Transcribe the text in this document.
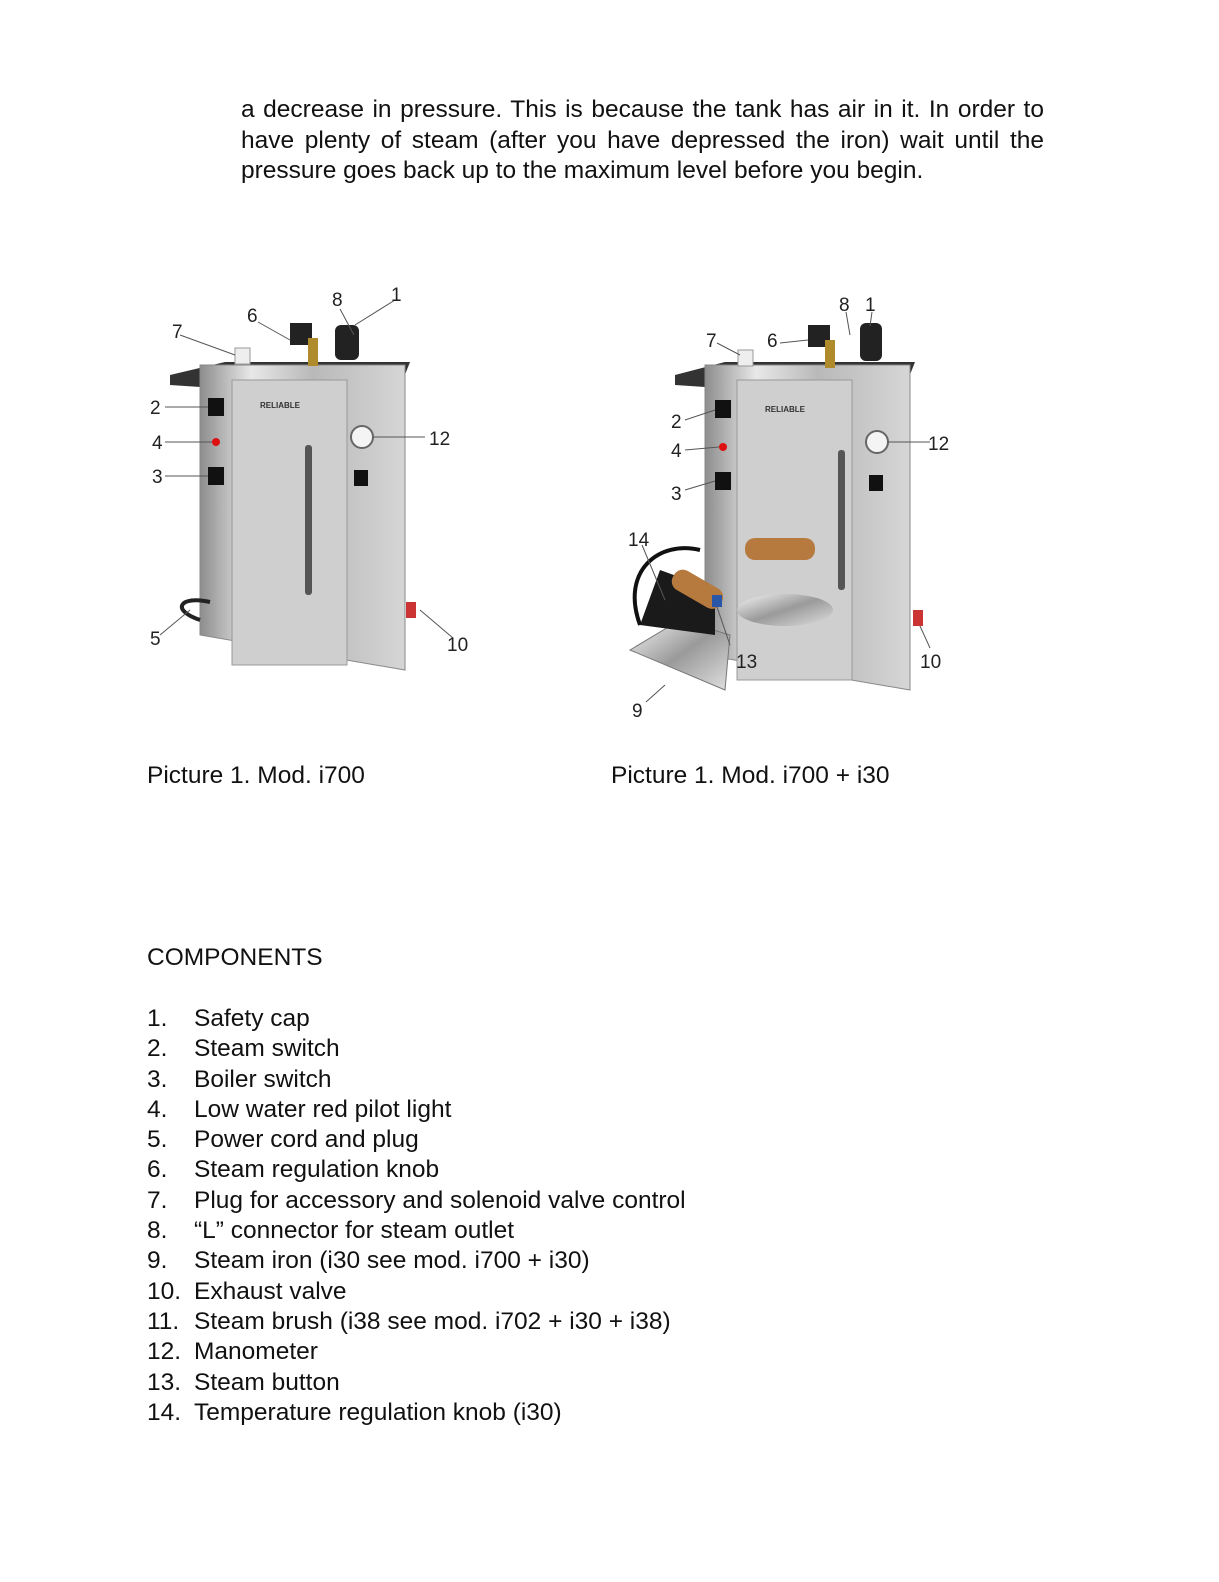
a decrease in pressure. This is because the tank has air in it. In order to have plenty of steam (after you have depressed the iron) wait until the pressure goes back up to the maximum level before you begin.

RELIABLE
7
6
8	1
2
4
3
5
12
10
RELIABLE
7	6
8 1
2
4
3
12
14
13	10
9

Picture 1. Mod. i700	Picture 1. Mod. i700 + i30

COMPONENTS

1. Safety cap
2. Steam switch
3. Boiler switch
4. Low water red pilot light
5. Power cord and plug
6. Steam regulation knob
7. Plug for accessory and solenoid valve control
8. “L” connector for steam outlet
9. Steam iron (i30 see mod. i700 + i30)
10. Exhaust valve
11. Steam brush (i38 see mod. i702 + i30 + i38)
12. Manometer
13. Steam button
14. Temperature regulation knob (i30)
